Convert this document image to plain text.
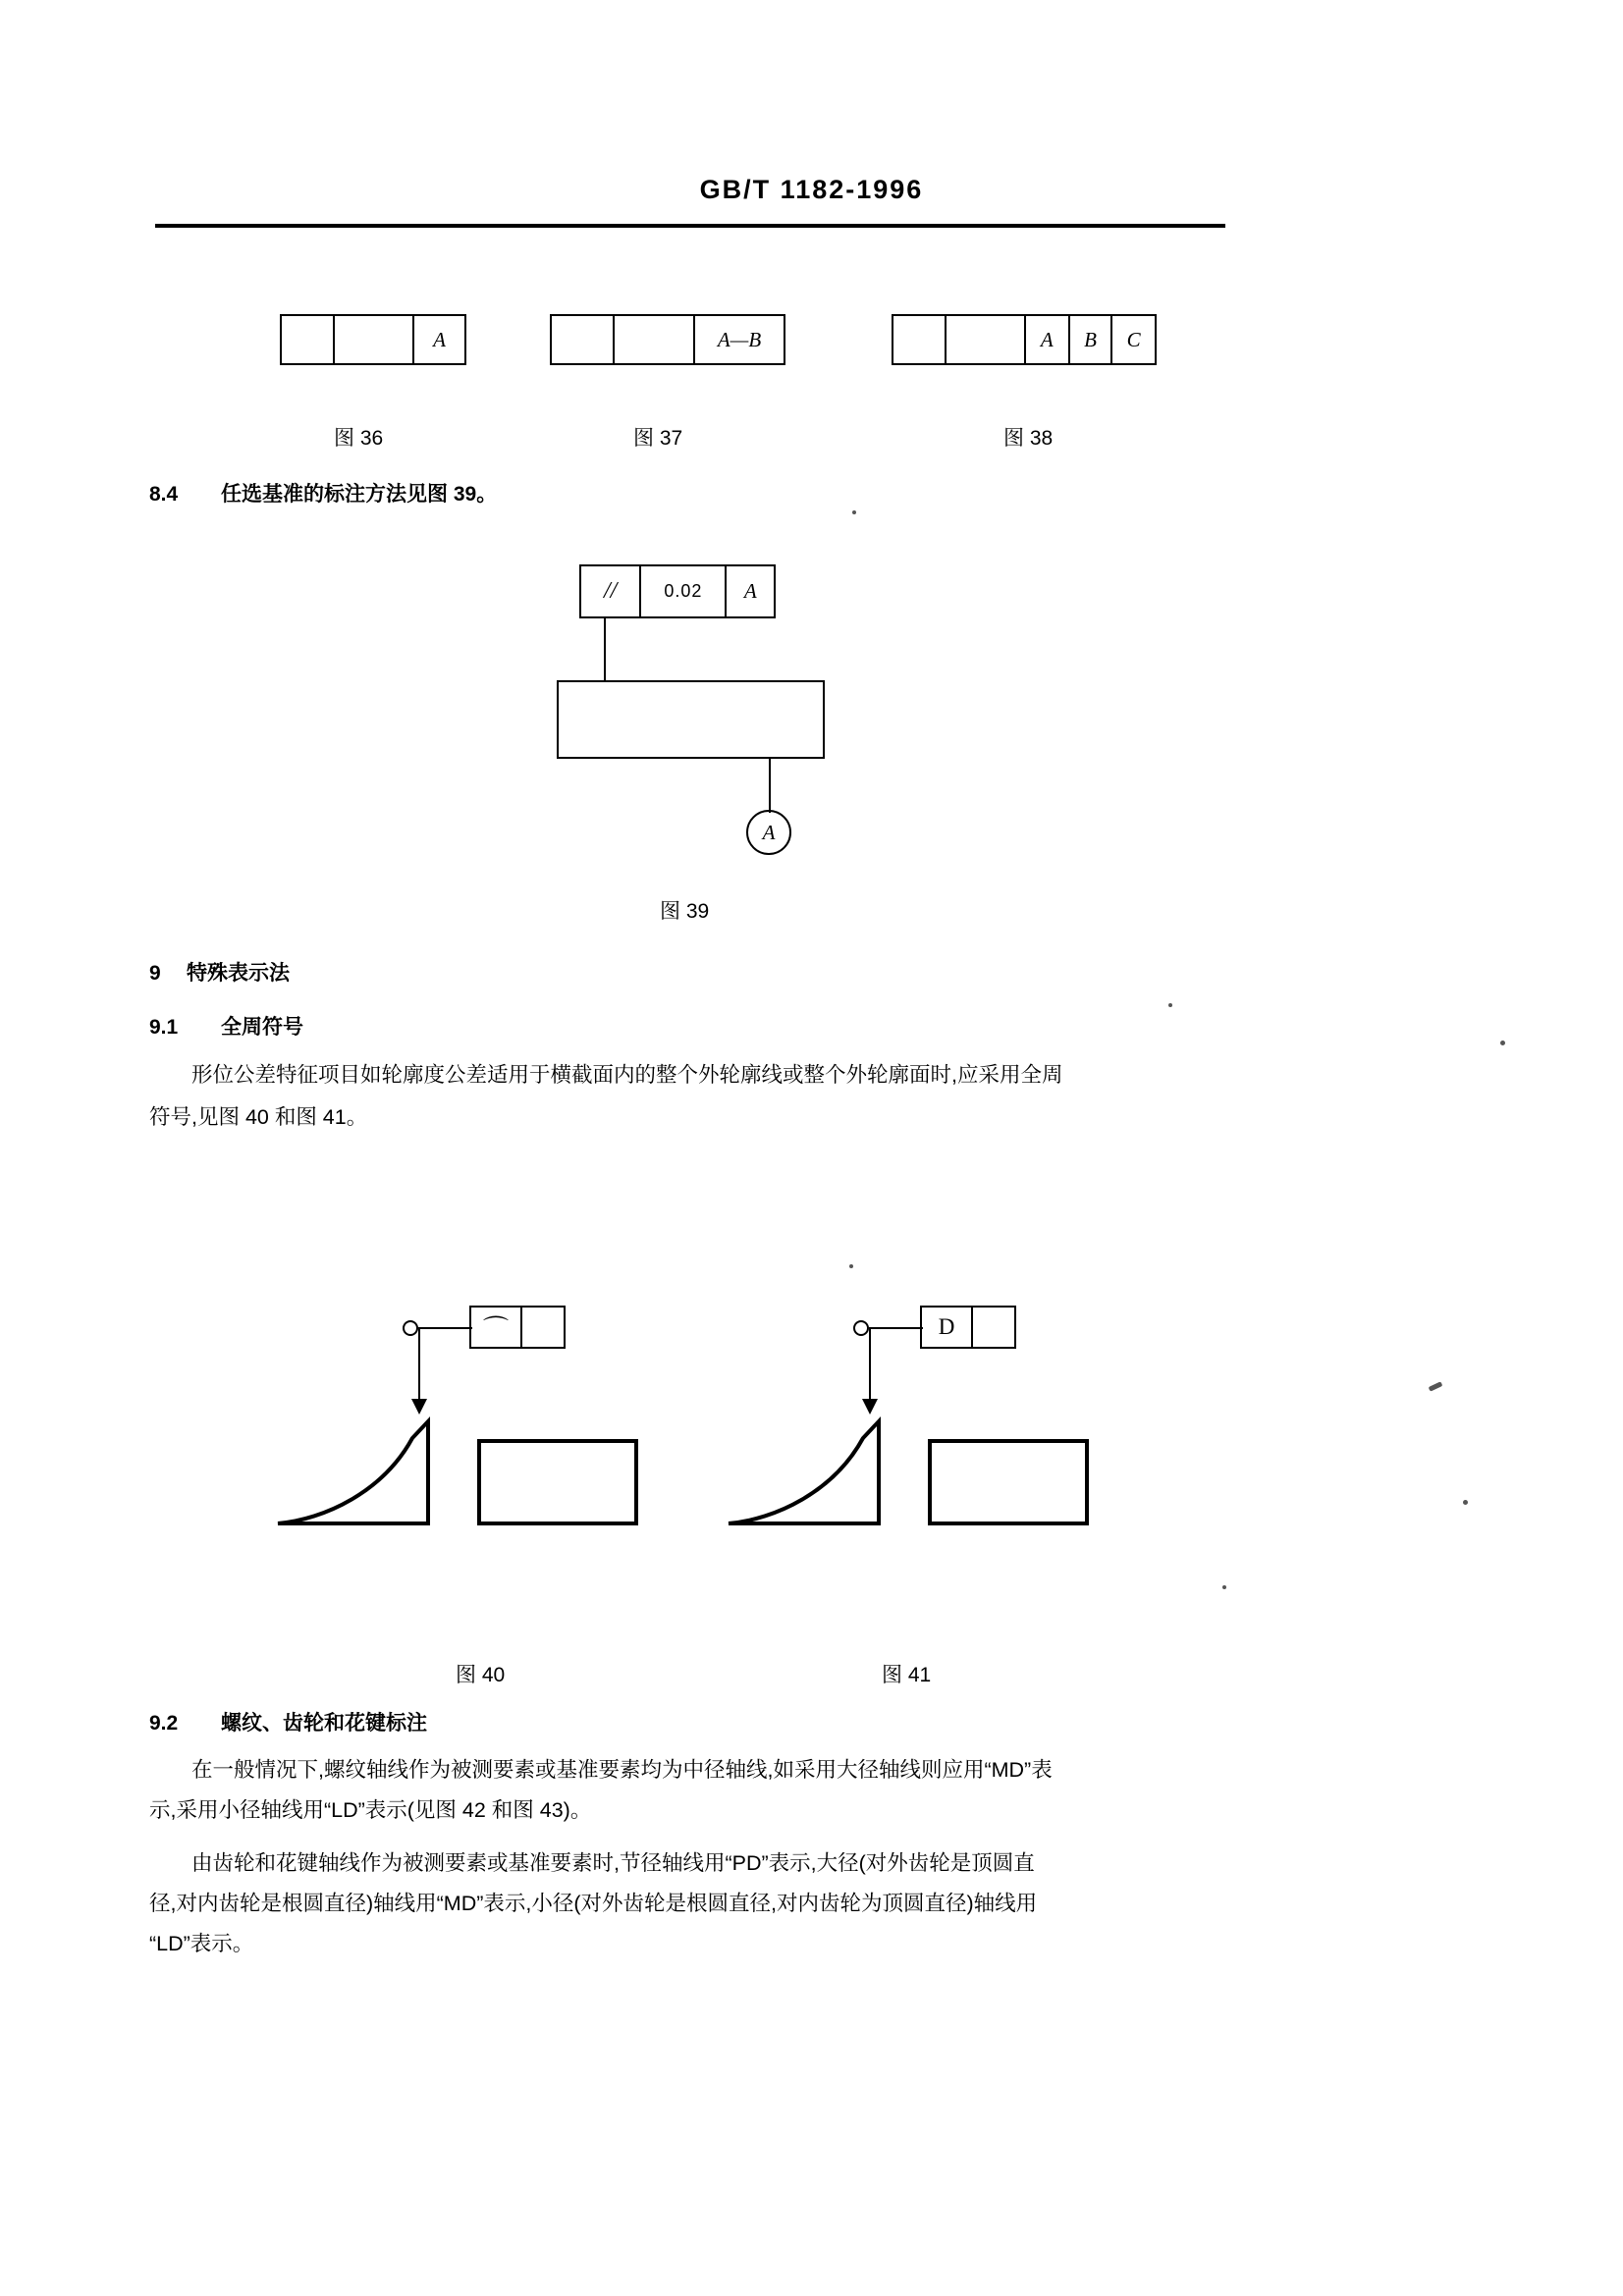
GB/T 1182-1996
A
图 36
A—B
图 37
A	B	C
图 38
8.4 任选基准的标注方法见图 39。
//	0.02	A
A
图 39
9 特殊表示法
9.1 全周符号
形位公差特征项目如轮廓度公差适用于横截面内的整个外轮廓线或整个外轮廓面时,应采用全周
符号,见图 40 和图 41。
⌒
图 40
D
图 41
9.2 螺纹、齿轮和花键标注
在一般情况下,螺纹轴线作为被测要素或基准要素均为中径轴线,如采用大径轴线则应用“MD”表
示,采用小径轴线用“LD”表示(见图 42 和图 43)。
由齿轮和花键轴线作为被测要素或基准要素时,节径轴线用“PD”表示,大径(对外齿轮是顶圆直
径,对内齿轮是根圆直径)轴线用“MD”表示,小径(对外齿轮是根圆直径,对内齿轮为顶圆直径)轴线用
“LD”表示。
